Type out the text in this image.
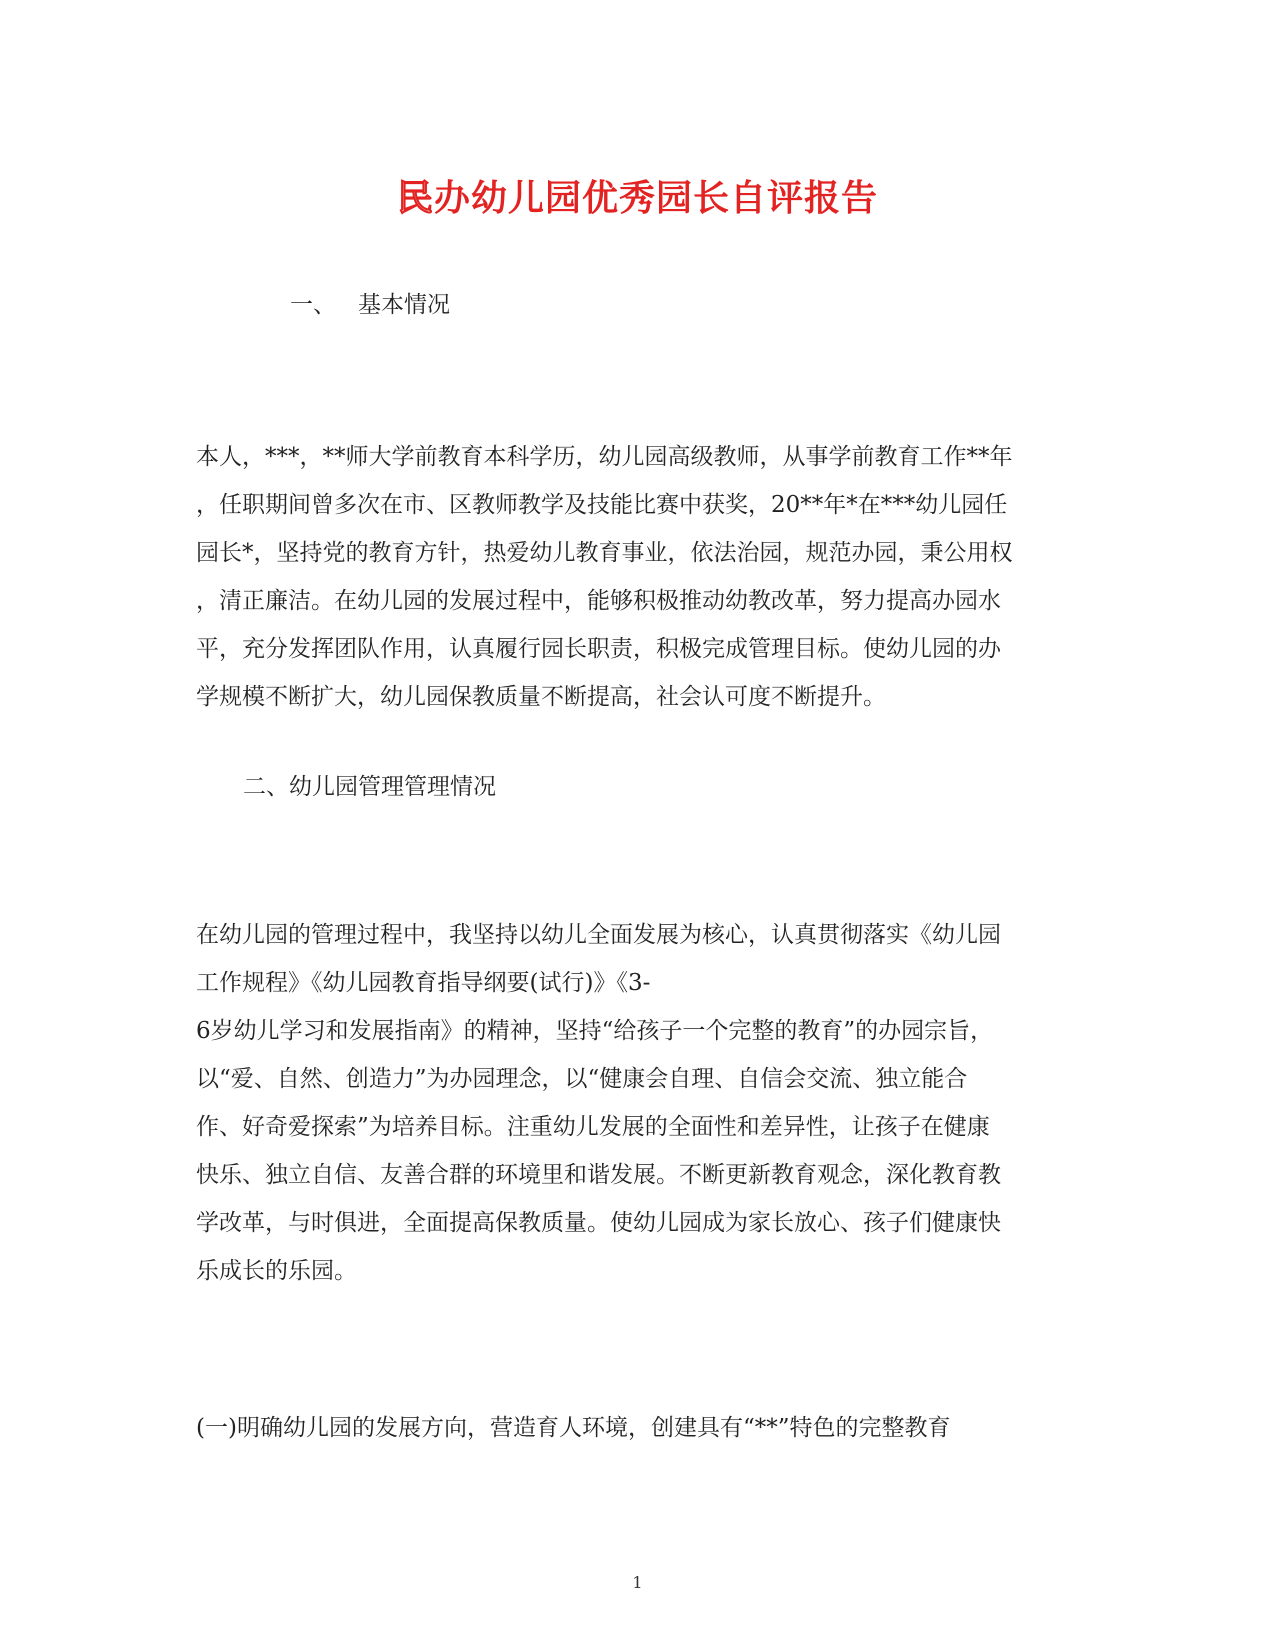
民办幼儿园优秀园长自评报告
一、 基本情况
本人，***，**师大学前教育本科学历，幼儿园高级教师，从事学前教育工作**年
，任职期间曾多次在市、区教师教学及技能比赛中获奖，20**年*在***幼儿园任
园长*，坚持党的教育方针，热爱幼儿教育事业，依法治园，规范办园，秉公用权
，清正廉洁。在幼儿园的发展过程中，能够积极推动幼教改革，努力提高办园水
平，充分发挥团队作用，认真履行园长职责，积极完成管理目标。使幼儿园的办
学规模不断扩大，幼儿园保教质量不断提高，社会认可度不断提升。
二、幼儿园管理管理情况
在幼儿园的管理过程中，我坚持以幼儿全面发展为核心，认真贯彻落实《幼儿园
工作规程》《幼儿园教育指导纲要(试行)》《3-
6岁幼儿学习和发展指南》的精神，坚持“给孩子一个完整的教育”的办园宗旨，
以“爱、自然、创造力”为办园理念，以“健康会自理、自信会交流、独立能合
作、好奇爱探索”为培养目标。注重幼儿发展的全面性和差异性，让孩子在健康
快乐、独立自信、友善合群的环境里和谐发展。不断更新教育观念，深化教育教
学改革，与时俱进，全面提高保教质量。使幼儿园成为家长放心、孩子们健康快
乐成长的乐园。
(一)明确幼儿园的发展方向，营造育人环境，创建具有“**”特色的完整教育
1
